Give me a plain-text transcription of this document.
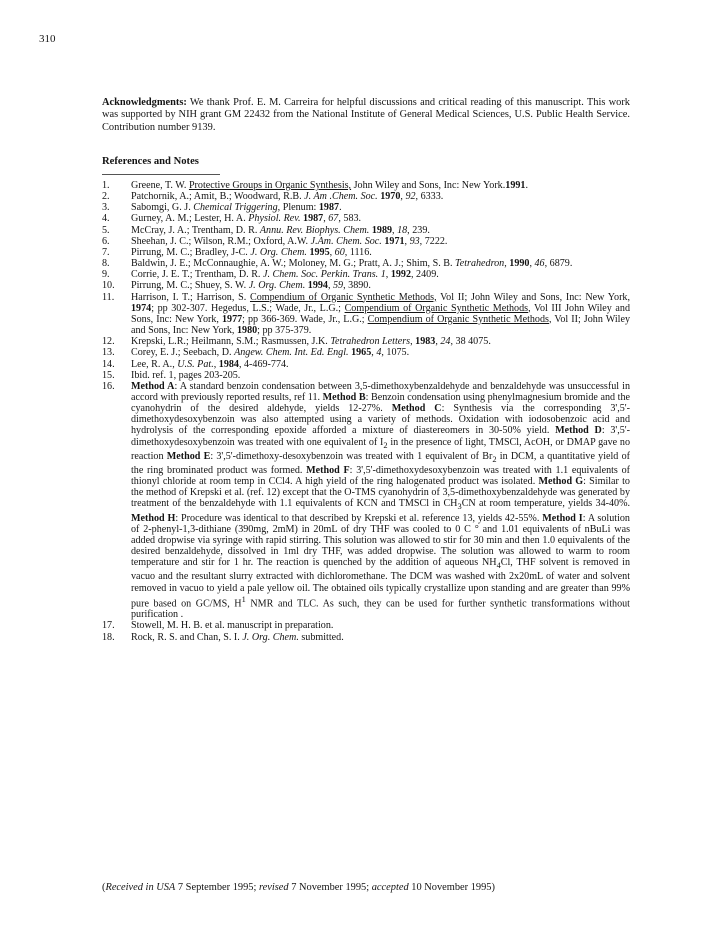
310
Acknowledgments: We thank Prof. E. M. Carreira for helpful discussions and critical reading of this manuscript. This work was supported by NIH grant GM 22432 from the National Institute of General Medical Sciences, U.S. Public Health Service. Contribution number 9139.
References and Notes
1. Greene, T. W. Protective Groups in Organic Synthesis, John Wiley and Sons, Inc: New York.1991.
2. Patchornik, A.; Amit, B.; Woodward, R.B. J. Am .Chem. Soc. 1970, 92, 6333.
3. Sabomgi, G. J. Chemical Triggering, Plenum: 1987.
4. Gurney, A. M.; Lester, H. A. Physiol. Rev. 1987, 67, 583.
5. McCray, J. A.; Trentham, D. R. Annu. Rev. Biophys. Chem. 1989, 18, 239.
6. Sheehan, J. C.; Wilson, R.M.; Oxford, A.W. J.Am. Chem. Soc. 1971, 93, 7222.
7. Pirrung, M. C.; Bradley, J-C. J. Org. Chem. 1995, 60, 1116.
8. Baldwin, J. E.; McConnaughie, A. W.; Moloney, M. G.; Pratt, A. J.; Shim, S. B. Tetrahedron, 1990, 46, 6879.
9. Corrie, J. E. T.; Trentham, D. R. J. Chem. Soc. Perkin. Trans. 1, 1992, 2409.
10. Pirrung, M. C.; Shuey, S. W. J. Org. Chem. 1994, 59, 3890.
11. Harrison, I. T.; Harrison, S. Compendium of Organic Synthetic Methods, Vol II; John Wiley and Sons, Inc: New York, 1974; pp 302-307. Hegedus, L.S.; Wade, Jr., L.G.; Compendium of Organic Synthetic Methods, Vol III John Wiley and Sons, Inc: New York, 1977; pp 366-369. Wade, Jr., L.G.; Compendium of Organic Synthetic Methods, Vol II; John Wiley and Sons, Inc: New York, 1980; pp 375-379.
12. Krepski, L.R.; Heilmann, S.M.; Rasmussen, J.K. Tetrahedron Letters, 1983, 24, 38 4075.
13. Corey, E. J.; Seebach, D. Angew. Chem. Int. Ed. Engl. 1965, 4, 1075.
14. Lee, R. A., U.S. Pat., 1984, 4-469-774.
15. Ibid. ref. 1, pages 203-205.
16. Method A: A standard benzoin condensation between 3,5-dimethoxybenzaldehyde and benzaldehyde was unsuccessful in accord with previously reported results, ref 11. Method B: Benzoin condensation using phenylmagnesium bromide and the cyanohydrin of the desired aldehyde, yields 12-27%. Method C: Synthesis via the corresponding 3',5'-dimethoxydesoxybenzoin was also attempted using a variety of methods. Oxidation with iodosobenzoic acid and hydrolysis of the corresponding epoxide afforded a mixture of diastereomers in 30-50% yield. Method D: 3',5'-dimethoxydesoxybenzoin was treated with one equivalent of $I_2$ in the presence of light, TMSCl, AcOH, or DMAP gave no reaction Method E: 3',5'-dimethoxy-desoxybenzoin was treated with 1 equivalent of $Br_2$ in DCM, a quantitative yield of the ring brominated product was formed. Method F: 3',5'-dimethoxydesoxybenzoin was treated with 1.1 equivalents of thionyl chloride at room temp in CCl4. A high yield of the ring halogenated product was isolated. Method G: Similar to the method of Krepski et al. (ref. 12) except that the O-TMS cyanohydrin of 3,5-dimethoxybenzaldehyde was generated by treatment of the benzaldehyde with 1.1 equivalents of KCN and TMSCl in $CH_3CN$ at room temperature, yields 34-40%. Method H: Procedure was identical to that described by Krepski et al. reference 13, yields 42-55%. Method I: A solution of 2-phenyl-1,3-dithiane (390mg, 2mM) in 20mL of dry THF was cooled to 0 C ° and 1.01 equivalents of nBuLi was added dropwise via syringe with rapid stirring. This solution was allowed to stir for 30 min and then 1.0 equivalents of the desired benzaldehyde, dissolved in 1ml dry THF, was added dropwise. The solution was allowed to warm to room temperature and stir for 1 hr. The reaction is quenched by the addition of aqueous $NH_4Cl$, THF solvent is removed in vacuo and the resultant slurry extracted with dichloromethane. The DCM was washed with 2x20mL of water and solvent removed in vacuo to yield a pale yellow oil. The obtained oils typically crystallize upon standing and are greater than 99% pure based on GC/MS, $H^1$ NMR and TLC. As such, they can be used for further synthetic transformations without purification .
17. Stowell, M. H. B. et al. manuscript in preparation.
18. Rock, R. S. and Chan, S. I. J. Org. Chem. submitted.
(Received in USA 7 September 1995; revised 7 November 1995; accepted 10 November 1995)
